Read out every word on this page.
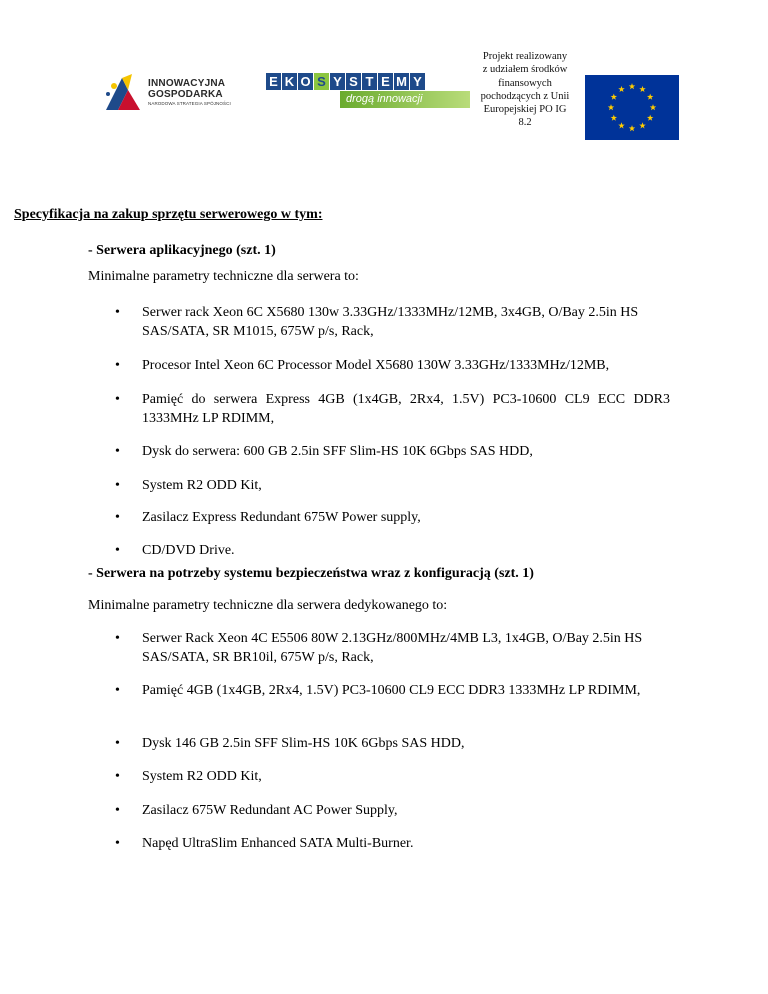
INNOWACYJNA
GOSPODARKA
NARODOWA STRATEGIA SPÓJNOŚCI
E K O S Y S T E M Y
drogą innowacji
Projekt realizowany z udziałem środków finansowych pochodzących z Unii Europejskiej PO IG 8.2

Specyfikacja na zakup sprzętu serwerowego w tym:

- Serwera aplikacyjnego (szt. 1)

Minimalne parametry techniczne dla serwera to:

•	Serwer rack Xeon 6C X5680 130w 3.33GHz/1333MHz/12MB, 3x4GB, O/Bay 2.5in HS SAS/SATA, SR M1015, 675W p/s, Rack,
•	Procesor Intel Xeon 6C Processor Model X5680 130W 3.33GHz/1333MHz/12MB,
•	Pamięć do serwera Express 4GB (1x4GB, 2Rx4, 1.5V) PC3-10600 CL9 ECC DDR3 1333MHz LP RDIMM,
•	Dysk do serwera: 600 GB 2.5in SFF Slim-HS 10K 6Gbps SAS HDD,
•	System R2 ODD Kit,
•	Zasilacz Express Redundant 675W Power supply,
•	CD/DVD Drive.

- Serwera na potrzeby systemu bezpieczeństwa wraz z konfiguracją (szt. 1)

Minimalne parametry techniczne dla serwera dedykowanego to:

•	Serwer Rack Xeon 4C E5506 80W 2.13GHz/800MHz/4MB L3, 1x4GB, O/Bay 2.5in HS SAS/SATA, SR BR10il, 675W p/s, Rack,
•	Pamięć 4GB (1x4GB, 2Rx4, 1.5V) PC3-10600 CL9 ECC DDR3 1333MHz LP RDIMM,
•	Dysk 146 GB 2.5in SFF Slim-HS 10K 6Gbps SAS HDD,
•	System R2 ODD Kit,
•	Zasilacz 675W Redundant AC Power Supply,
•	Napęd UltraSlim Enhanced SATA Multi-Burner.
